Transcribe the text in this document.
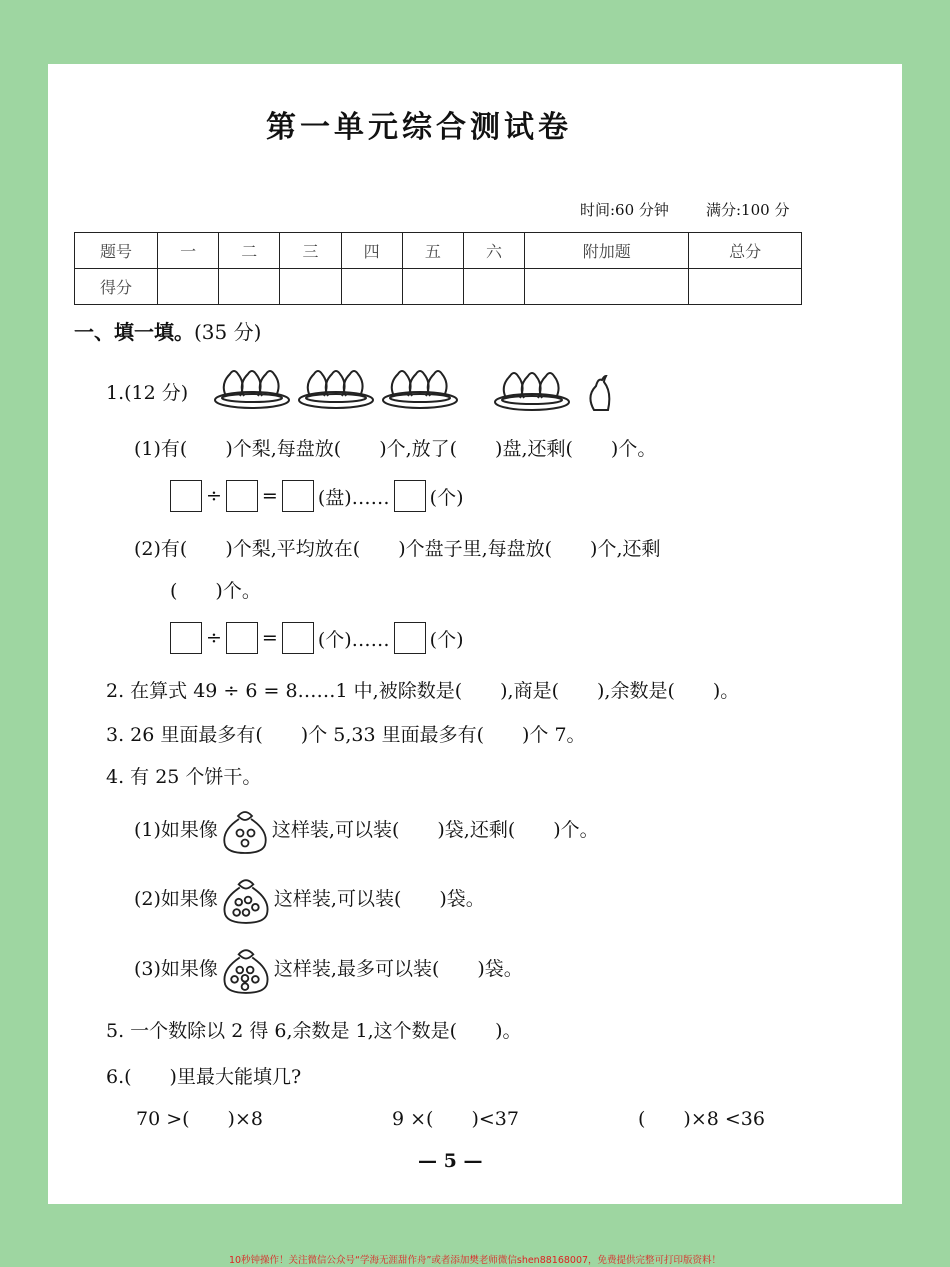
第一单元综合测试卷
时间:60 分钟 满分:100 分
题号	一	二	三	四	五	六	附加题	总分
得分								
一、填一填。(35 分)
1.(12 分)
(1)有(　　)个梨,每盘放(　　)个,放了(　　)盘,还剩(　　)个。
÷ = (盘)…… (个)
(2)有(　　)个梨,平均放在(　　)个盘子里,每盘放(　　)个,还剩
(　　)个。
÷ = (个)…… (个)
2. 在算式 49 ÷ 6 = 8……1 中,被除数是(　　),商是(　　),余数是(　　)。
3. 26 里面最多有(　　)个 5,33 里面最多有(　　)个 7。
4. 有 25 个饼干。
(1)如果像	这样装,可以装(　　)袋,还剩(　　)个。
(2)如果像	这样装,可以装(　　)袋。
(3)如果像	这样装,最多可以装(　　)袋。
5. 一个数除以 2 得 6,余数是 1,这个数是(　　)。
6.(　　)里最大能填几?
70 >(　　)×8	9 ×(　　)<37	(　　)×8 <36
— 5 —
10秒钟操作！关注微信公众号“学海无涯甜作舟”或者添加樊老师微信shen88168007，免费提供完整可打印版资料！
